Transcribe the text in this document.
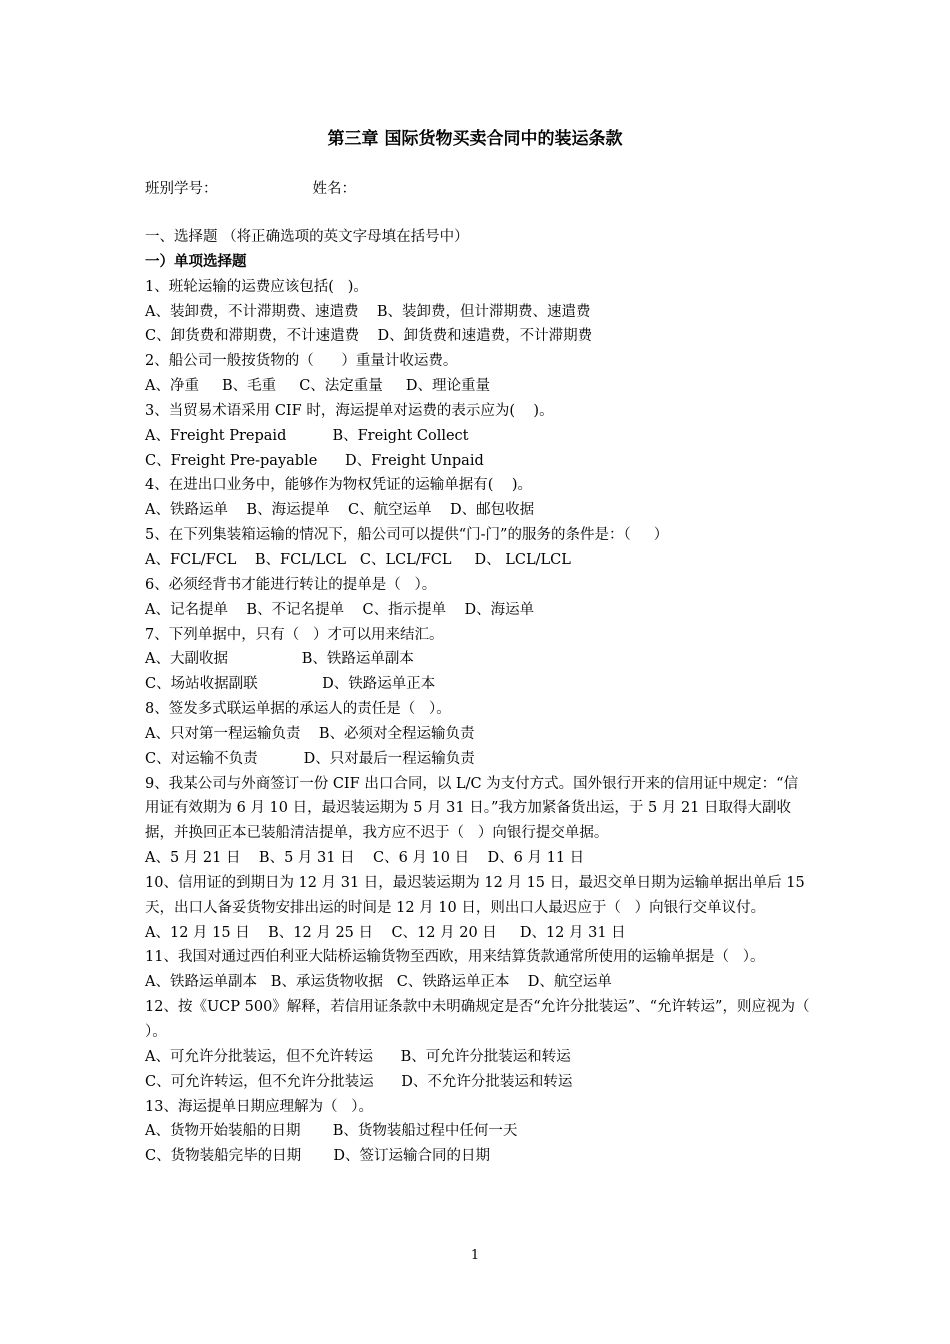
第三章 国际货物买卖合同中的装运条款
班别学号：	姓名：
一、选择题 （将正确选项的英文字母填在括号中）
一）单项选择题
1、班轮运输的运费应该包括(   )。
A、装卸费，不计滞期费、速遣费    B、装卸费，但计滞期费、速遣费
C、卸货费和滞期费，不计速遣费    D、卸货费和速遣费，不计滞期费
2、船公司一般按货物的（      ）重量计收运费。
A、净重     B、毛重     C、法定重量     D、理论重量
3、当贸易术语采用 CIF 时，海运提单对运费的表示应为(    )。
A、Freight Prepaid          B、Freight Collect
C、Freight Pre-payable      D、Freight Unpaid
4、在进出口业务中，能够作为物权凭证的运输单据有(    )。
A、铁路运单    B、海运提单    C、航空运单    D、邮包收据
5、在下列集装箱运输的情况下，船公司可以提供“门-门”的服务的条件是：（     ）
A、FCL/FCL    B、FCL/LCL   C、LCL/FCL     D、 LCL/LCL
6、必须经背书才能进行转让的提单是（   ）。
A、记名提单    B、不记名提单    C、指示提单    D、海运单
7、下列单据中，只有（   ）才可以用来结汇。
A、大副收据                B、铁路运单副本
C、场站收据副联              D、铁路运单正本
8、签发多式联运单据的承运人的责任是（   ）。
A、只对第一程运输负责    B、必须对全程运输负责
C、对运输不负责          D、只对最后一程运输负责
9、我某公司与外商签订一份 CIF 出口合同，以 L/C 为支付方式。国外银行开来的信用证中规定：“信用证有效期为 6 月 10 日，最迟装运期为 5 月 31 日。”我方加紧备货出运，于 5 月 21 日取得大副收据，并换回正本已装船清洁提单，我方应不迟于（   ）向银行提交单据。
A、5 月 21 日    B、5 月 31 日    C、6 月 10 日    D、6 月 11 日
10、信用证的到期日为 12 月 31 日，最迟装运期为 12 月 15 日，最迟交单日期为运输单据出单后 15 天，出口人备妥货物安排出运的时间是 12 月 10 日，则出口人最迟应于（   ）向银行交单议付。
A、12 月 15 日    B、12 月 25 日    C、12 月 20 日     D、12 月 31 日
11、我国对通过西伯利亚大陆桥运输货物至西欧，用来结算货款通常所使用的运输单据是（   ）。
A、铁路运单副本   B、承运货物收据   C、铁路运单正本    D、航空运单
12、按《UCP 500》解释，若信用证条款中未明确规定是否“允许分批装运”、“允许转运”，则应视为（   ）。
A、可允许分批装运，但不允许转运      B、可允许分批装运和转运
C、可允许转运，但不允许分批装运      D、不允许分批装运和转运
13、海运提单日期应理解为（   ）。
A、货物开始装船的日期       B、货物装船过程中任何一天
C、货物装船完毕的日期       D、签订运输合同的日期
1
